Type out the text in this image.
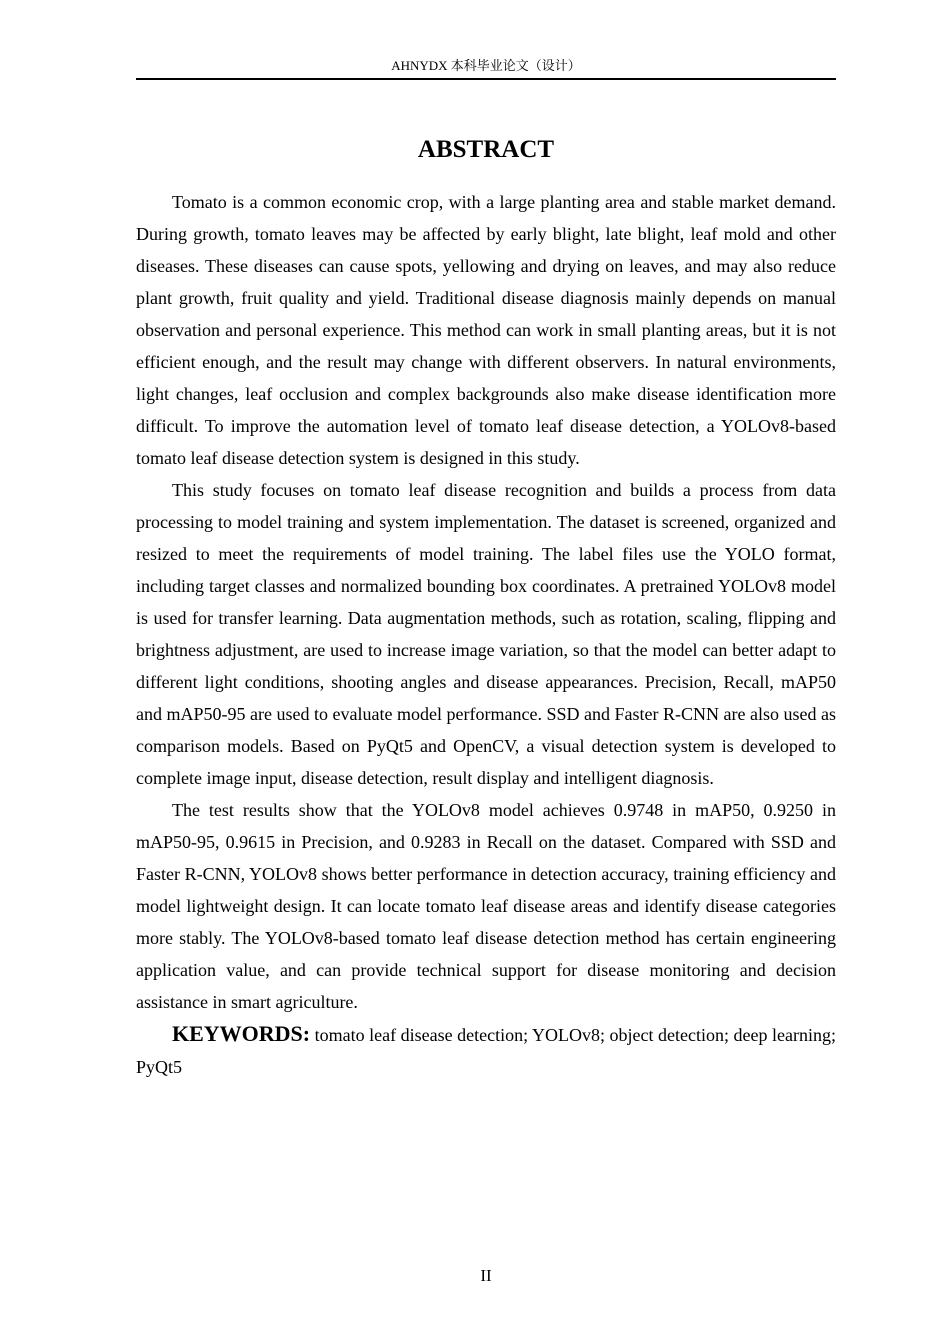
AHNYDX 本科毕业论文（设计）
ABSTRACT

Tomato is a common economic crop, with a large planting area and stable market demand. During growth, tomato leaves may be affected by early blight, late blight, leaf mold and other diseases. These diseases can cause spots, yellowing and drying on leaves, and may also reduce plant growth, fruit quality and yield. Traditional disease diagnosis mainly depends on manual observation and personal experience. This method can work in small planting areas, but it is not efficient enough, and the result may change with different observers. In natural environments, light changes, leaf occlusion and complex backgrounds also make disease identification more difficult. To improve the automation level of tomato leaf disease detection, a YOLOv8-based tomato leaf disease detection system is designed in this study.

This study focuses on tomato leaf disease recognition and builds a process from data processing to model training and system implementation. The dataset is screened, organized and resized to meet the requirements of model training. The label files use the YOLO format, including target classes and normalized bounding box coordinates. A pretrained YOLOv8 model is used for transfer learning. Data augmentation methods, such as rotation, scaling, flipping and brightness adjustment, are used to increase image variation, so that the model can better adapt to different light conditions, shooting angles and disease appearances. Precision, Recall, mAP50 and mAP50-95 are used to evaluate model performance. SSD and Faster R-CNN are also used as comparison models. Based on PyQt5 and OpenCV, a visual detection system is developed to complete image input, disease detection, result display and intelligent diagnosis.

The test results show that the YOLOv8 model achieves 0.9748 in mAP50, 0.9250 in mAP50-95, 0.9615 in Precision, and 0.9283 in Recall on the dataset. Compared with SSD and Faster R-CNN, YOLOv8 shows better performance in detection accuracy, training efficiency and model lightweight design. It can locate tomato leaf disease areas and identify disease categories more stably. The YOLOv8-based tomato leaf disease detection method has certain engineering application value, and can provide technical support for disease monitoring and decision assistance in smart agriculture.

KEYWORDS: tomato leaf disease detection; YOLOv8; object detection; deep learning; PyQt5

II
